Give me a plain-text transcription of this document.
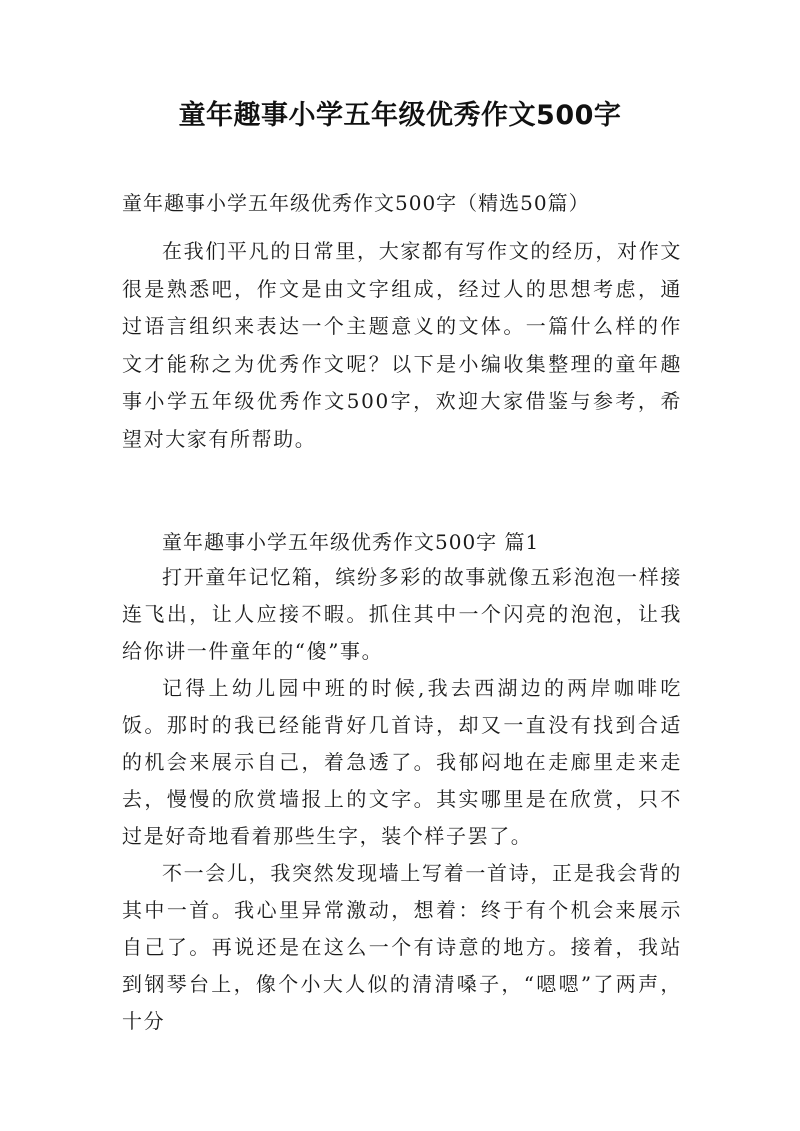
童年趣事小学五年级优秀作文500字
童年趣事小学五年级优秀作文500字（精选50篇）

在我们平凡的日常里，大家都有写作文的经历，对作文很是熟悉吧，作文是由文字组成，经过人的思想考虑，通过语言组织来表达一个主题意义的文体。一篇什么样的作文才能称之为优秀作文呢？以下是小编收集整理的童年趣事小学五年级优秀作文500字，欢迎大家借鉴与参考，希望对大家有所帮助。

童年趣事小学五年级优秀作文500字 篇1

打开童年记忆箱，缤纷多彩的故事就像五彩泡泡一样接连飞出，让人应接不暇。抓住其中一个闪亮的泡泡，让我给你讲一件童年的“傻”事。

记得上幼儿园中班的时候,我去西湖边的两岸咖啡吃饭。那时的我已经能背好几首诗，却又一直没有找到合适的机会来展示自己，着急透了。我郁闷地在走廊里走来走去，慢慢的欣赏墙报上的文字。其实哪里是在欣赏，只不过是好奇地看着那些生字，装个样子罢了。

不一会儿，我突然发现墙上写着一首诗，正是我会背的其中一首。我心里异常激动，想着：终于有个机会来展示自己了。再说还是在这么一个有诗意的地方。接着，我站到钢琴台上，像个小大人似的清清嗓子，“嗯嗯”了两声，十分
